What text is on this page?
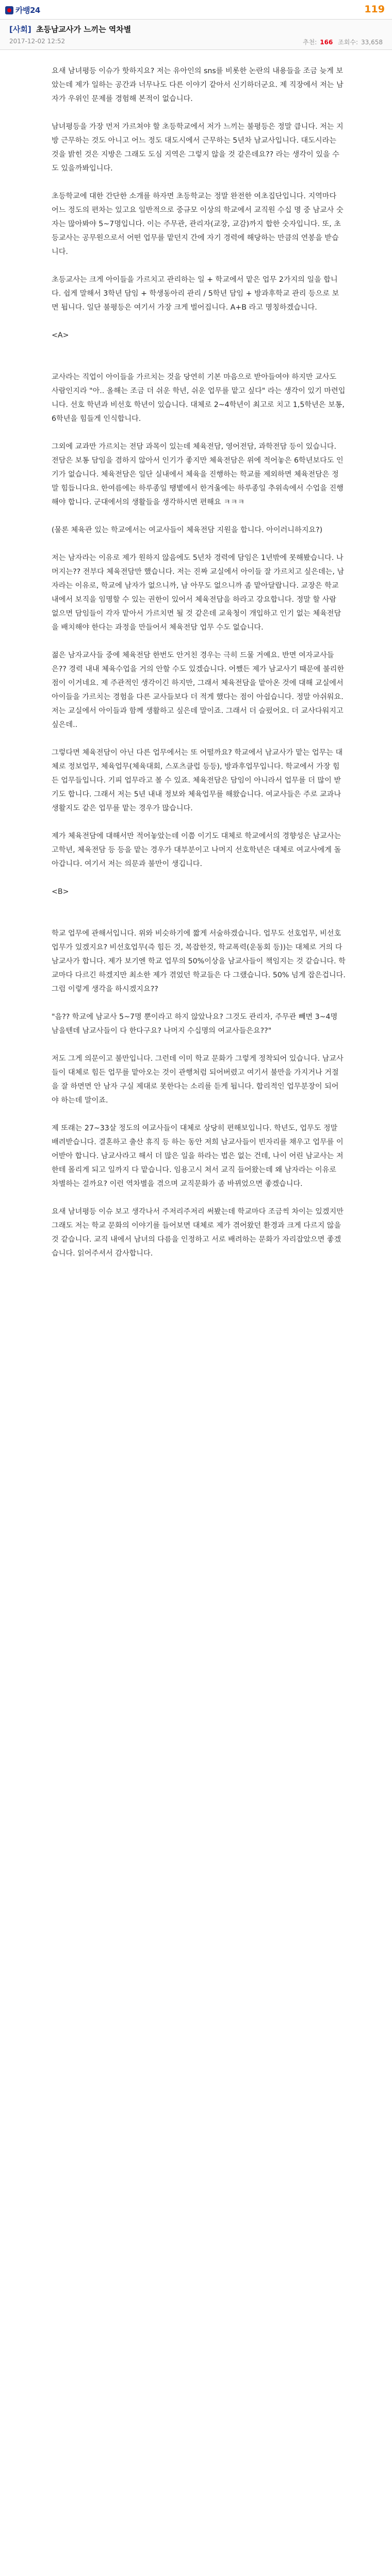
카뱅24	119
[사회] 초등남교사가 느끼는 역차별
2017-12-02 12:52	추천: 166 조회수: 33,658

요새 남녀평등 이슈가 핫하지요? 저는 유아인의 sns를 비롯한 논란의 내용들을 조금 늦게 보았는데 제가 일하는 공간과 너무나도 다른 이야기 같아서 신기하더군요. 제 직장에서 저는 남자가 우위인 문제를 경험해 본적이 없습니다.

남녀평등을 가장 먼저 가르쳐야 할 초등학교에서 저가 느끼는 불평등은 정말 큽니다. 저는 지방 근무하는 것도 아니고 어느 정도 대도시에서 근무하는 5년차 남교사입니다. 대도시라는 것을 밝힌 것은 지방은 그래도 도심 지역은 그렇지 않을 것 같은데요?? 라는 생각이 있을 수도 있을까봐입니다.

초등학교에 대한 간단한 소개를 하자면 초등학교는 정말 완전한 여초집단입니다. 지역마다 어느 정도의 편차는 있고요 일반적으로 중규모 이상의 학교에서 교직원 수십 명 중 남교사 숫자는 많아봐야 5~7명입니다. 이는 주무관, 관리자(교장, 교감)까지 합한 숫자입니다. 또, 초등교사는 공무원으로서 어떤 업무를 맡던지 간에 자기 경력에 해당하는 만큼의 연봉을 받습니다.

초등교사는 크게 아이들을 가르치고 관리하는 일 + 학교에서 맡은 업무 2가지의 일을 합니다. 쉽게 말해서 3학년 담임 + 학생동아리 관리 / 5학년 담임 + 방과후학교 관리 등으로 보면 됩니다. 일단 불평등은 여기서 가장 크게 벌어집니다. A+B 라고 명칭하겠습니다.

<A>

교사라는 직업이 아이들을 가르치는 것을 당연히 기본 마음으로 받아들여야 하지만 교사도 사람인지라 "아.. 올해는 조금 더 쉬운 학년, 쉬운 업무를 맡고 싶다" 라는 생각이 있기 마련입니다. 선호 학년과 비선호 학년이 있습니다. 대체로 2~4학년이 최고로 치고 1,5학년은 보통, 6학년을 힘들게 인식합니다.

그외에 교과만 가르치는 전담 과목이 있는데 체육전담, 영어전담, 과학전담 등이 있습니다. 전담은 보통 담임을 겸하지 않아서 인기가 좋지만 체육전담은 위에 적어놓은 6학년보다도 인기가 없습니다. 체육전담은 일단 실내에서 체육을 진행하는 학교를 제외하면 체육전담은 정말 힘듭니다요. 한여름에는 하루종일 땡볕에서 한겨울에는 하루종일 추위속에서 수업을 진행해야 합니다. 군대에서의 생활들을 생각하시면 편해요 ㅋㅋㅋ

(물론 체육관 있는 학교에서는 여교사들이 체육전담 지원을 합니다. 아이러니하지요?)

저는 남자라는 이유로 제가 원하지 않음에도 5년차 경력에 담임은 1년밖에 못해봤습니다. 나머지는?? 전부다 체육전담만 했습니다. 저는 진짜 교실에서 아이들 잘 가르치고 싶은데는, 남자라는 이유로, 학교에 남자가 없으니까, 남 아무도 없으니까 좀 맡아달랍니다. 교장은 학교 내에서 보직을 임명할 수 있는 권한이 있어서 체육전담을 하라고 강요합니다. 정말 할 사람 없으면 담임들이 각자 맡아서 가르치면 될 것 같은데 교육청이 개입하고 인기 없는 체육전담을 배치해야 한다는 과정을 만들어서 체육전담 업무 수도 없습니다.

젊은 남자교사들 중에 체육전담 한번도 안거친 경우는 극히 드물 거예요. 반면 여자교사들은?? 경력 내내 체육수업을 거의 안할 수도 있겠습니다. 어쨌든 제가 남교사기 때문에 불리한 점이 이거네요. 제 주관적인 생각이긴 하지만, 그래서 체육전담을 맡아온 것에 대해 교실에서 아이들을 가르치는 경험을 다른 교사들보다 더 적게 했다는 점이 아쉽습니다. 정말 아쉬워요. 저는 교실에서 아이들과 함께 생활하고 싶은데 말이죠. 그래서 더 슬펐어요. 더 교사다워지고 싶은데..

그렇다면 체육전담이 아닌 다른 업무에서는 또 어떨까요? 학교에서 남교사가 맡는 업무는 대체로 정보업무, 체육업무(체육대회, 스포츠클럽 등등), 방과후업무입니다. 학교에서 가장 힘든 업무들입니다. 기피 업무라고 볼 수 있죠. 체육전담은 담임이 아니라서 업무를 더 많이 받기도 합니다. 그래서 저는 5년 내내 정보와 체육업무를 해왔습니다. 여교사들은 주로 교과나 생활지도 같은 업무를 맡는 경우가 많습니다.

제가 체육전담에 대해서만 적어놓았는데 이쯤 이기도 대체로 학교에서의 경향성은 남교사는 고학년, 체육전담 등 등을 맡는 경우가 대부분이고 나머지 선호학년은 대체로 여교사에게 돌아갑니다. 여기서 저는 의문과 불만이 생깁니다.

<B>

학교 업무에 관해서입니다. 위와 비슷하기에 짧게 서술하겠습니다. 업무도 선호업무, 비선호업무가 있겠지요? 비선호업무(즉 힘든 것, 복잡한것, 학교폭력(운동회 등))는 대체로 거의 다 남교사가 합니다. 제가 보기엔 학교 업무의 50%이상을 남교사들이 책임지는 것 같습니다. 학교마다 다르긴 하겠지만 최소한 제가 겪었던 학교들은 다 그랬습니다. 50% 넘게 잡은겁니다. 그럼 이렇게 생각을 하시겠지요??

"음?? 학교에 남교사 5~7명 뿐이라고 하지 않았나요? 그것도 관리자, 주무관 빼면 3~4명 남을텐데 남교사들이 다 한다구요? 나머지 수십명의 여교사들은요??"

저도 그게 의문이고 불만입니다. 그런데 이미 학교 문화가 그렇게 정착되어 있습니다. 남교사들이 대체로 힘든 업무를 맡아오는 것이 관행처럼 되어버렸고 여기서 불만을 가지거나 거절을 잘 하면면 안 남자 구실 제대로 못한다는 소리를 듣게 됩니다. 합리적인 업무분장이 되어야 하는데 말이죠.

제 또래는 27~33살 정도의 여교사들이 대체로 상당히 편해보입니다. 학년도, 업무도 정말 배려받습니다. 결혼하고 출산 휴직 등 하는 동안 저희 남교사들이 빈자리를 채우고 업무를 이어받아 합니다. 남교사라고 해서 더 많은 일을 하라는 법은 없는 건데, 나이 어린 남교사는 저한테 몰리게 되고 일까지 다 맡습니다. 임용고시 쳐서 교직 들어왔는데 왜 남자라는 이유로 차별하는 걸까요? 이런 역차별을 겪으며 교직문화가 좀 바뀌었으면 좋겠습니다.

요새 남녀평등 이슈 보고 생각나서 주저리주저리 써봤는데 학교마다 조금씩 차이는 있겠지만 그래도 저는 학교 문화의 이야기를 들어보면 대체로 제가 겪어왔던 환경과 크게 다르지 않을 것 같습니다. 교직 내에서 남녀의 다름을 인정하고 서로 배려하는 문화가 자리잡았으면 좋겠습니다. 읽어주셔서 감사합니다.
